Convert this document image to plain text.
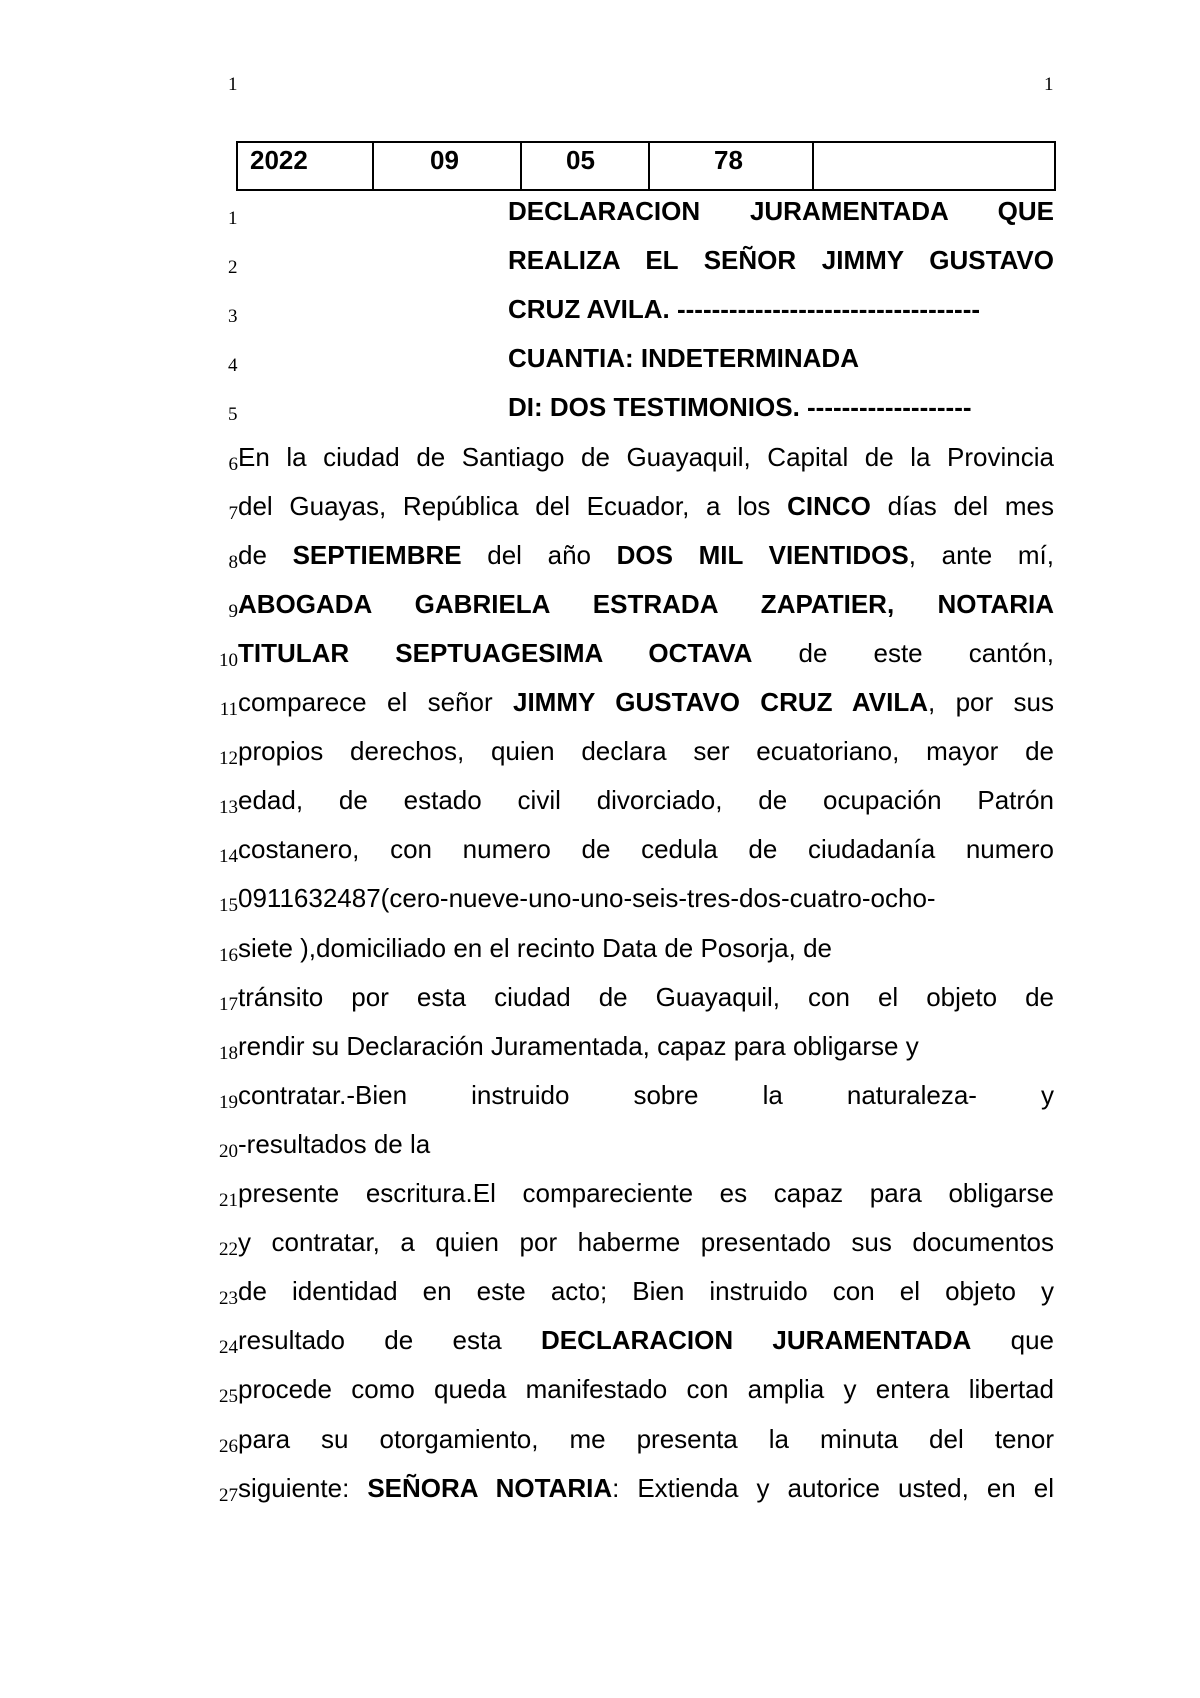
1	1
2022	09	05	78	
1	DECLARACION JURAMENTADA QUE
2	REALIZA EL SEÑOR JIMMY GUSTAVO
3	CRUZ AVILA. -----------------------------------
4	CUANTIA: INDETERMINADA
5	DI: DOS TESTIMONIOS. -------------------
6 En la ciudad de Santiago de Guayaquil, Capital de la Provincia
7 del Guayas, República del Ecuador, a los CINCO días del mes
8 de SEPTIEMBRE del año DOS MIL VIENTIDOS, ante mí,
9 ABOGADA GABRIELA ESTRADA ZAPATIER, NOTARIA
10 TITULAR SEPTUAGESIMA OCTAVA de este cantón,
11 comparece el señor JIMMY GUSTAVO CRUZ AVILA, por sus
12 propios derechos, quien declara ser ecuatoriano, mayor de
13 edad, de estado civil divorciado, de ocupación Patrón
14 costanero, con numero de cedula de ciudadanía numero
15 0911632487(cero-nueve-uno-uno-seis-tres-dos-cuatro-ocho-
16 siete ),domiciliado en el recinto Data de Posorja, de
17 tránsito por esta ciudad de Guayaquil, con el objeto de
18 rendir su Declaración Juramentada, capaz para obligarse y
19 contratar.-Bien instruido sobre la naturaleza- y
20 -resultados de la
21 presente escritura.El compareciente es capaz para obligarse
22 y contratar, a quien por haberme presentado sus documentos
23 de identidad en este acto; Bien instruido con el objeto y
24 resultado de esta DECLARACION JURAMENTADA que
25 procede como queda manifestado con amplia y entera libertad
26 para su otorgamiento, me presenta la minuta del tenor
27 siguiente: SEÑORA NOTARIA: Extienda y autorice usted, en el
